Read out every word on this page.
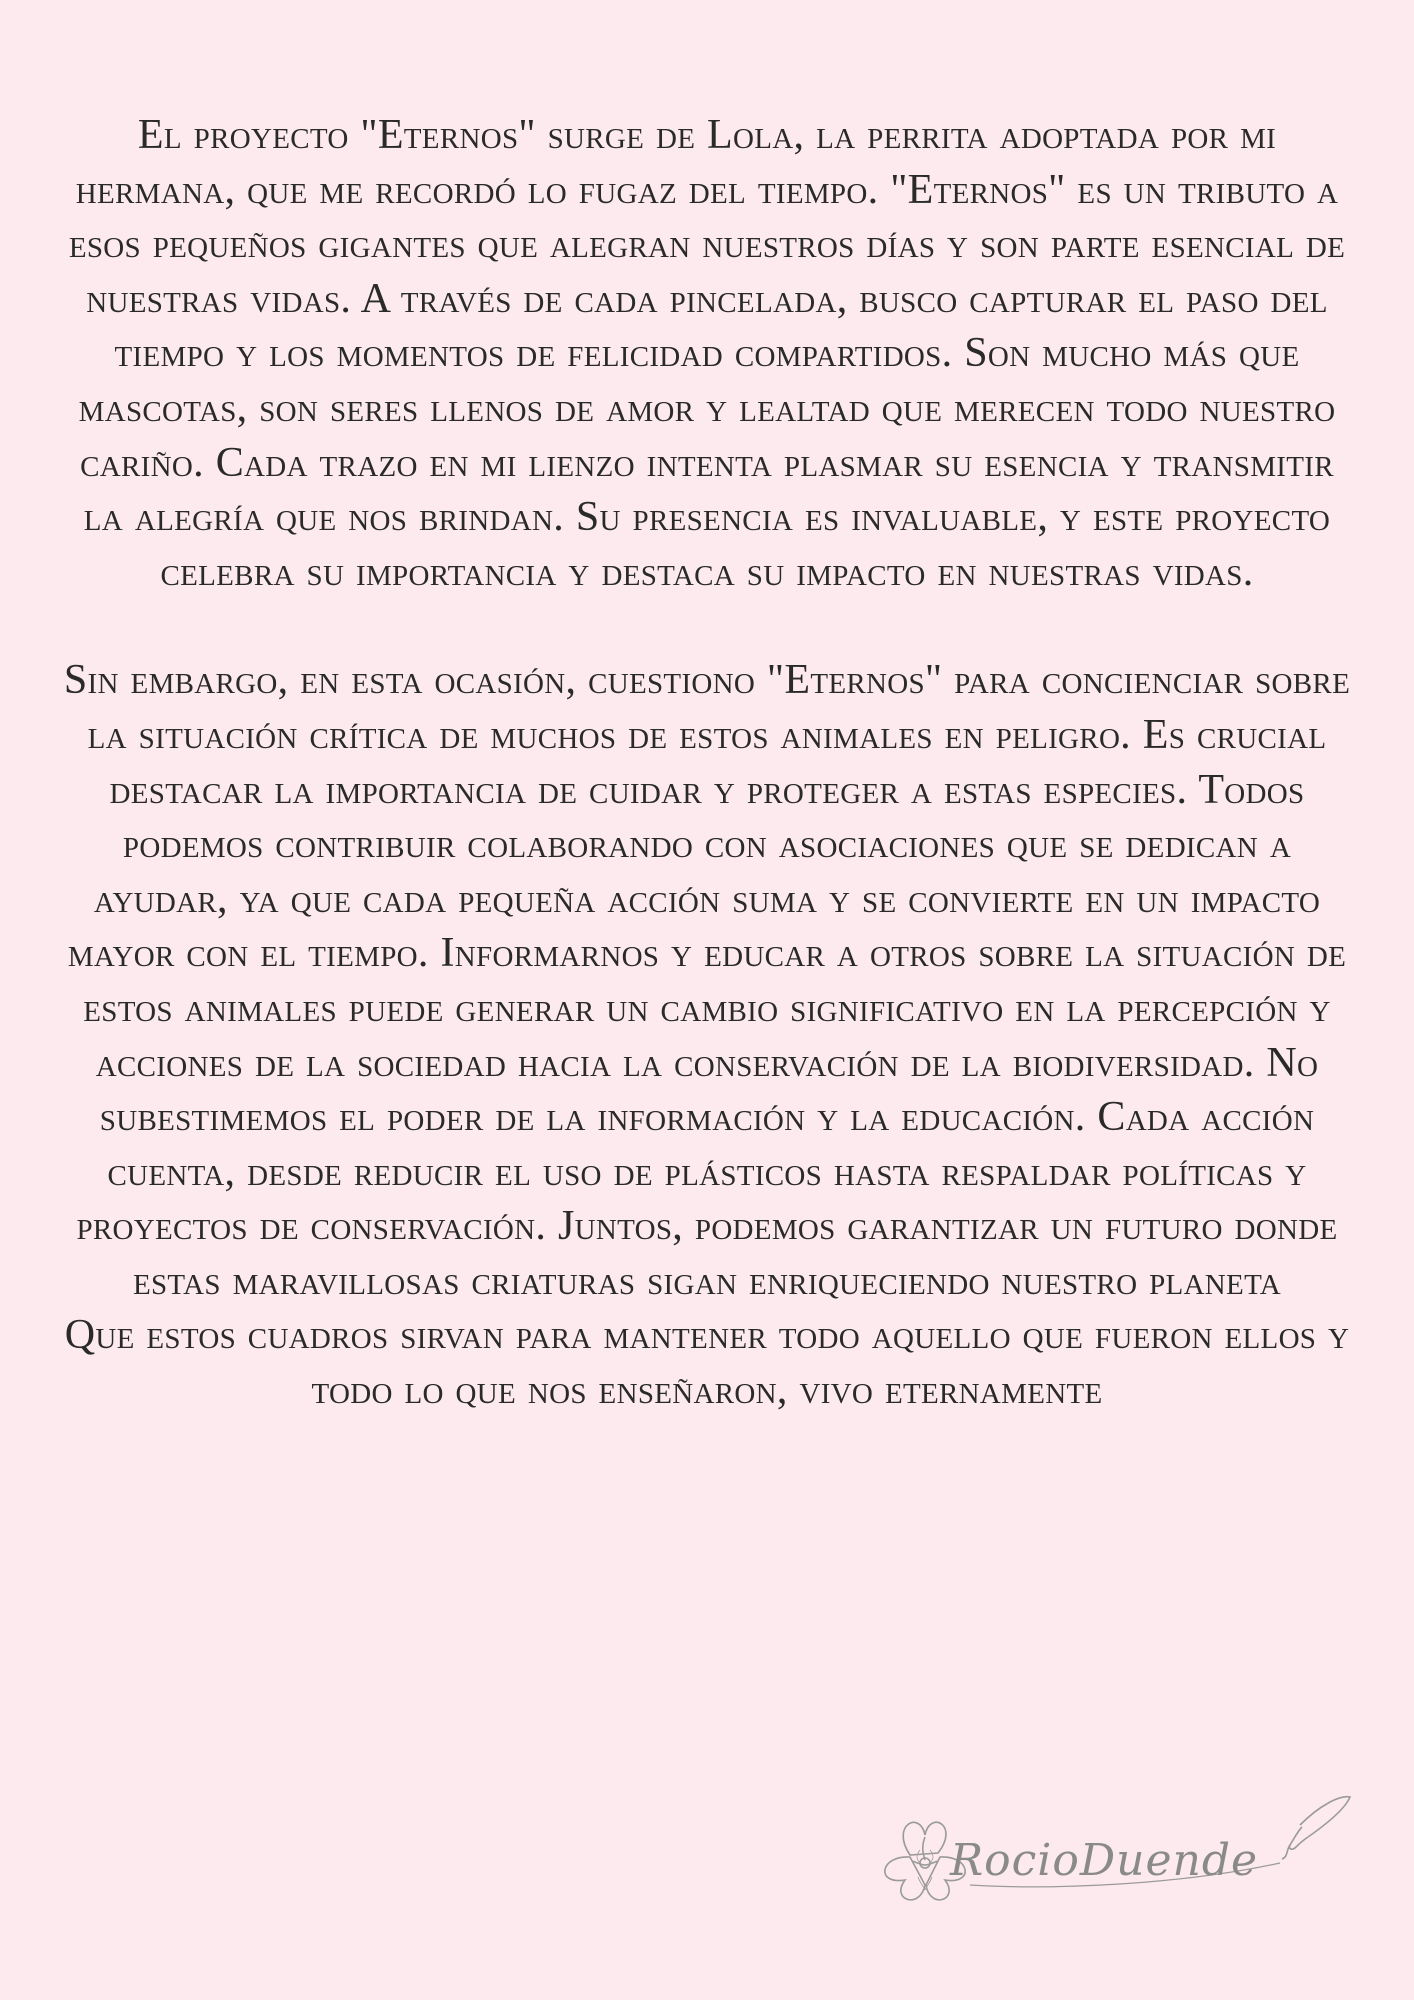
El proyecto "Eternos" surge de Lola, la perrita adoptada por mi hermana, que me recordó lo fugaz del tiempo. "Eternos" es un tributo a esos pequeños gigantes que alegran nuestros días y son parte esencial de nuestras vidas. A través de cada pincelada, busco capturar el paso del tiempo y los momentos de felicidad compartidos. Son mucho más que mascotas, son seres llenos de amor y lealtad que merecen todo nuestro cariño. Cada trazo en mi lienzo intenta plasmar su esencia y transmitir la alegría que nos brindan. Su presencia es invaluable, y este proyecto celebra su importancia y destaca su impacto en nuestras vidas.

Sin embargo, en esta ocasión, cuestiono "Eternos" para concienciar sobre la situación crítica de muchos de estos animales en peligro. Es crucial destacar la importancia de cuidar y proteger a estas especies. Todos podemos contribuir colaborando con asociaciones que se dedican a ayudar, ya que cada pequeña acción suma y se convierte en un impacto mayor con el tiempo. Informarnos y educar a otros sobre la situación de estos animales puede generar un cambio significativo en la percepción y acciones de la sociedad hacia la conservación de la biodiversidad. No subestimemos el poder de la información y la educación. Cada acción cuenta, desde reducir el uso de plásticos hasta respaldar políticas y proyectos de conservación. Juntos, podemos garantizar un futuro donde estas maravillosas criaturas sigan enriqueciendo nuestro planeta

Que estos cuadros sirvan para mantener todo aquello que fueron ellos y todo lo que nos enseñaron, vivo eternamente

RocioDuende
